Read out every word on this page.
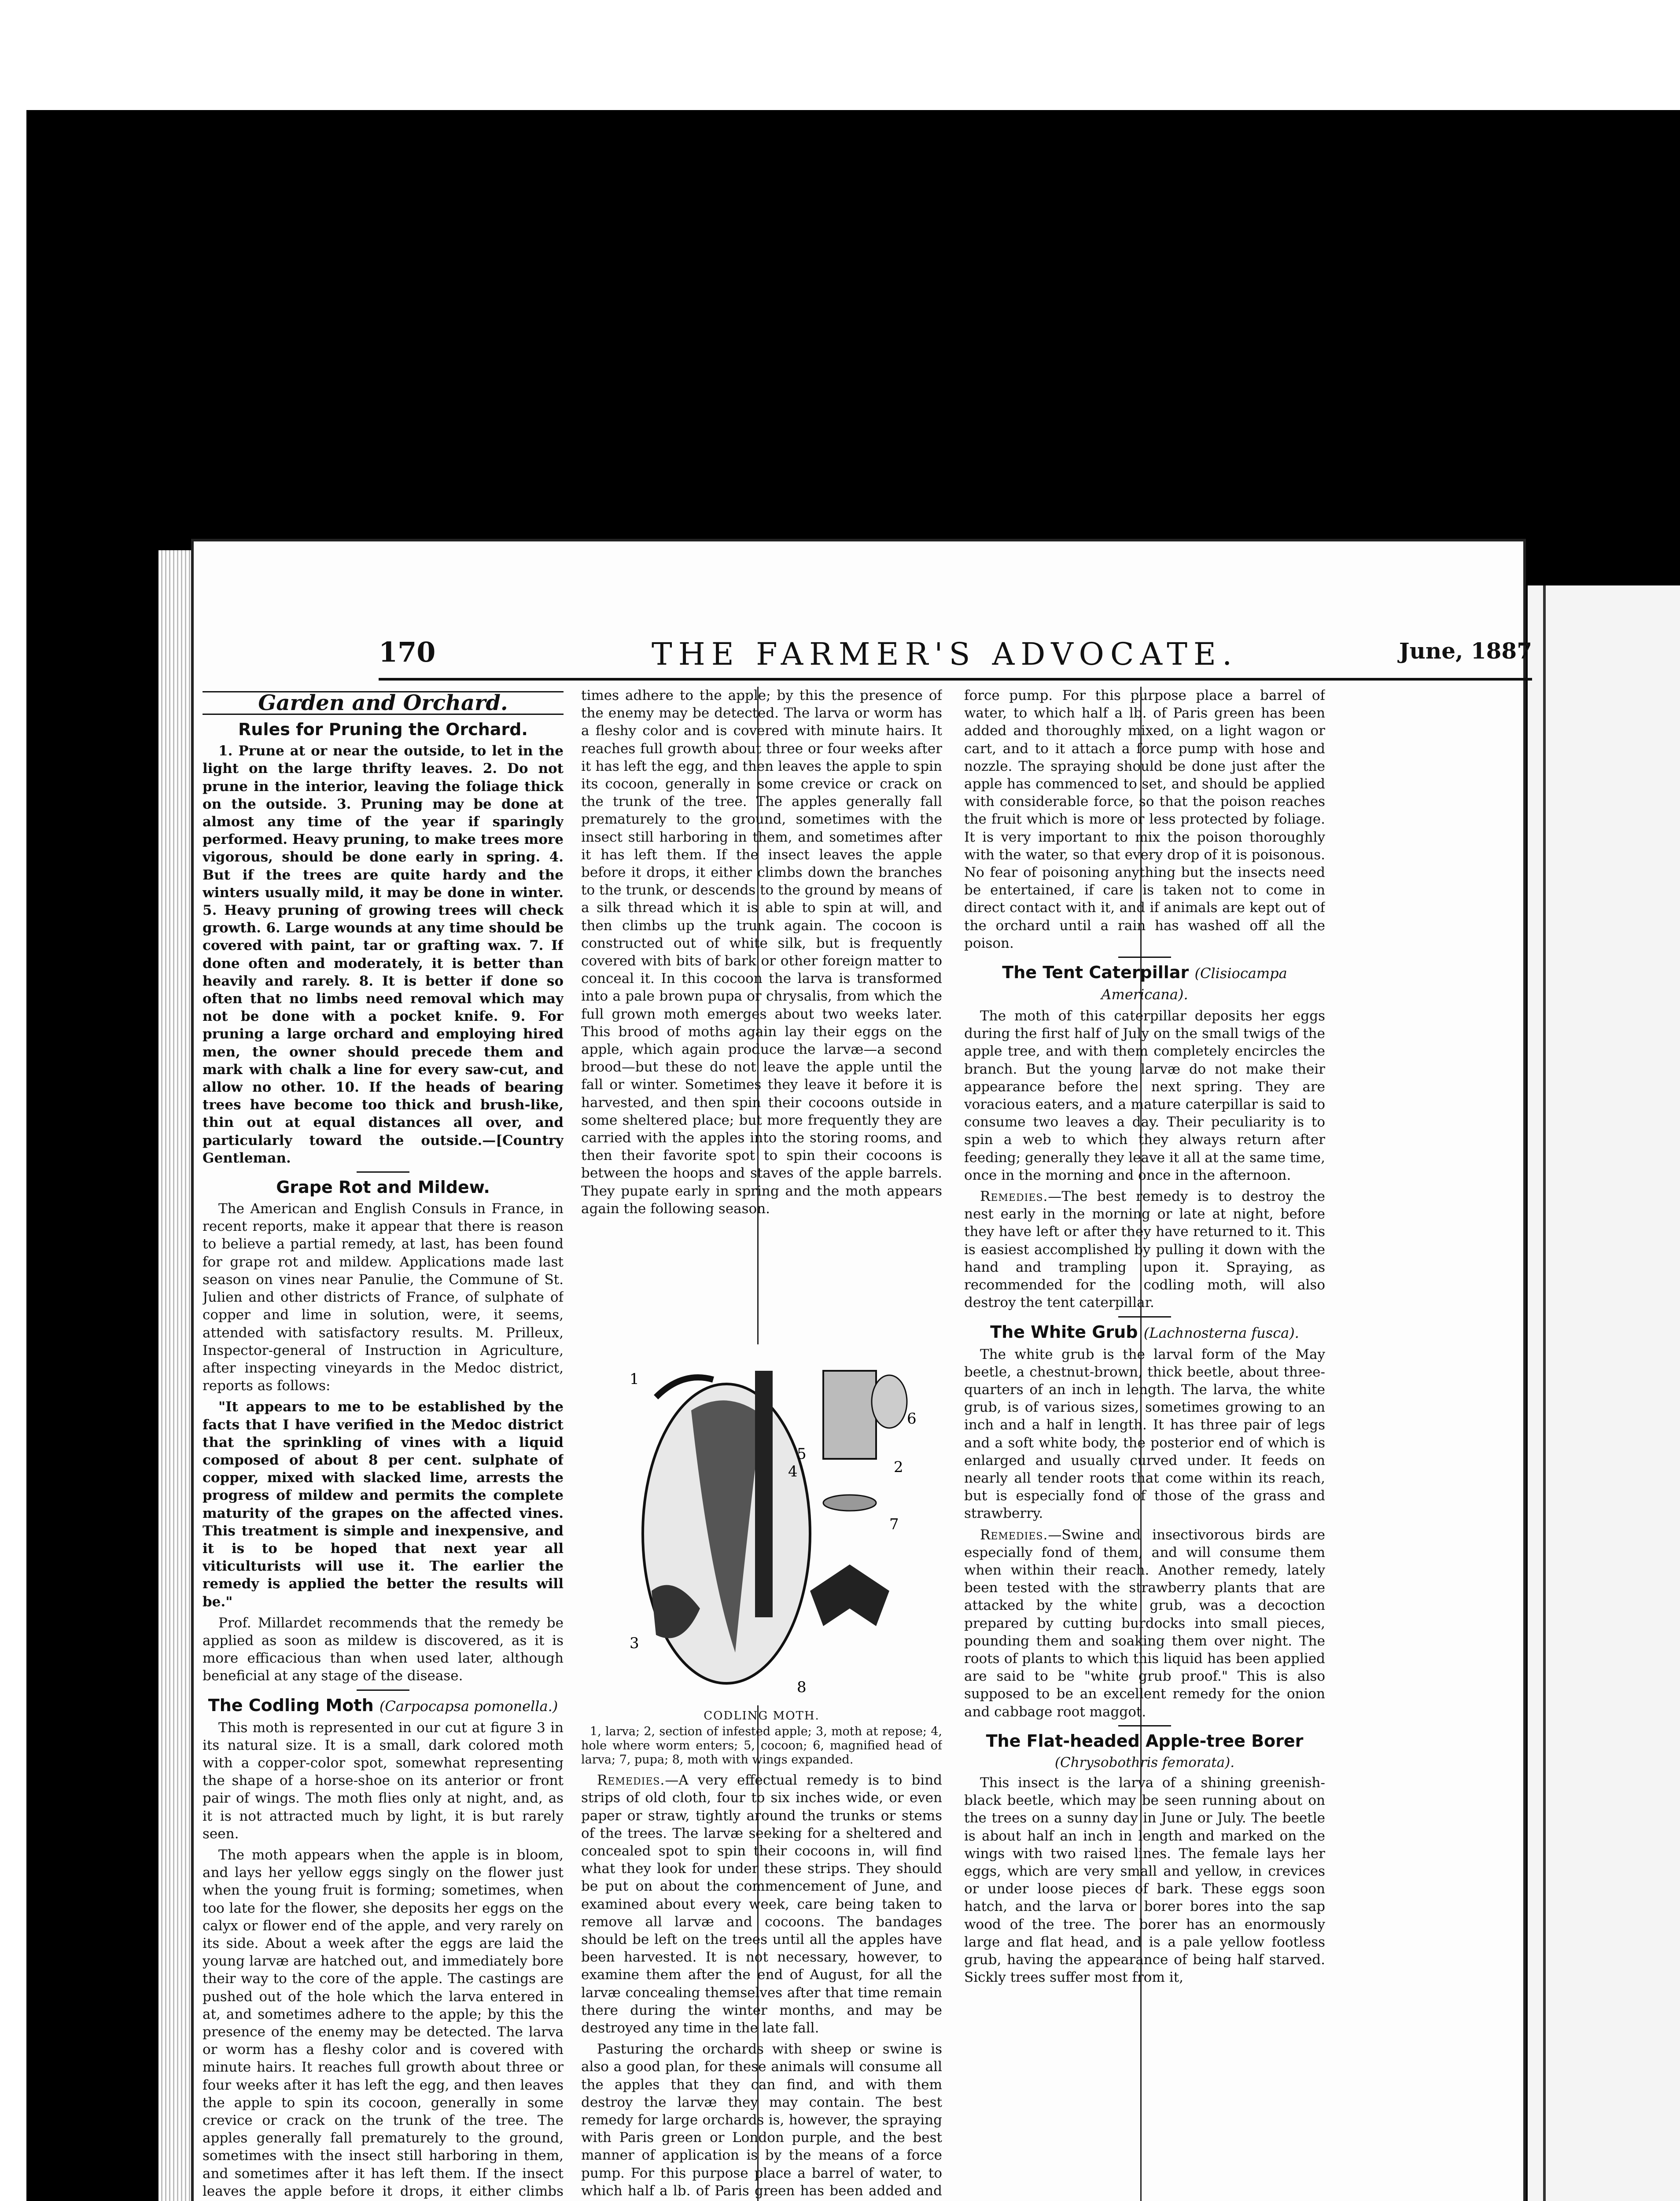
170	THE FARMER'S ADVOCATE.	June, 1887
Garden and Orchard.
Rules for Pruning the Orchard.

1. Prune at or near the outside, to let in the light on the large thrifty leaves. 2. Do not prune in the interior, leaving the foliage thick on the outside. 3. Pruning may be done at almost any time of the year if sparingly performed. Heavy pruning, to make trees more vigorous, should be done early in spring. 4. But if the trees are quite hardy and the winters usually mild, it may be done in winter. 5. Heavy pruning of growing trees will check growth. 6. Large wounds at any time should be covered with paint, tar or grafting wax. 7. If done often and moderately, it is better than heavily and rarely. 8. It is better if done so often that no limbs need removal which may not be done with a pocket knife. 9. For pruning a large orchard and employing hired men, the owner should precede them and mark with chalk a line for every saw-cut, and allow no other. 10. If the heads of bearing trees have become too thick and brush-like, thin out at equal distances all over, and particularly toward the outside.—[Country Gentleman.

Grape Rot and Mildew.

The American and English Consuls in France, in recent reports, make it appear that there is reason to believe a partial remedy, at last, has been found for grape rot and mildew. Applications made last season on vines near Panulie, the Commune of St. Julien and other districts of France, of sulphate of copper and lime in solution, were, it seems, attended with satisfactory results. M. Prilleux, Inspector-general of Instruction in Agriculture, after inspecting vineyards in the Medoc district, reports as follows:

"It appears to me to be established by the facts that I have verified in the Medoc district that the sprinkling of vines with a liquid composed of about 8 per cent. sulphate of copper, mixed with slacked lime, arrests the progress of mildew and permits the complete maturity of the grapes on the affected vines. This treatment is simple and inexpensive, and it is to be hoped that next year all viticulturists will use it. The earlier the remedy is applied the better the results will be."

Prof. Millardet recommends that the remedy be applied as soon as mildew is discovered, as it is more efficacious than when used later, although beneficial at any stage of the disease.

The Codling Moth (Carpocapsa pomonella.)

This moth is represented in our cut at figure 3 in its natural size. It is a small, dark colored moth with a copper-color spot, somewhat representing the shape of a horse-shoe on its anterior or front pair of wings. The moth flies only at night, and, as it is not attracted much by light, it is but rarely seen.

The moth appears when the apple is in bloom, and lays her yellow eggs singly on the flower just when the young fruit is forming; sometimes, when too late for the flower, she deposits her eggs on the calyx or flower end of the apple, and very rarely on its side. About a week after the eggs are laid the young larvæ are hatched out, and immediately bore their way to the core of the apple. The castings are pushed out of the hole which the larva entered in at, and sometimes adhere to the apple; by this the presence of the enemy may be detected. The larva or worm has a fleshy color and is covered with minute hairs. It reaches full growth about three or four weeks after it has left the egg, and then leaves the apple to spin its cocoon, generally in some crevice or crack on the trunk of the tree. The apples generally fall prematurely to the ground, sometimes with the insect still harboring in them, and sometimes after it has left them. If the insect leaves the apple before it drops, it either climbs

times adhere to the apple; by this the presence of the enemy may be detected. The larva or worm has a fleshy color and is covered with minute hairs. It reaches full growth about three or four weeks after it has left the egg, and then leaves the apple to spin its cocoon, generally in some crevice or crack on the trunk of the tree. The apples generally fall prematurely to the ground, sometimes with the insect still harboring in them, and sometimes after it has left them. If the insect leaves the apple before it drops, it either climbs down the branches to the trunk, or descends to the ground by means of a silk thread which it is able to spin at will, and then climbs up the trunk again. The cocoon is constructed out of white silk, but is frequently covered with bits of bark or other foreign matter to conceal it. In this cocoon the larva is transformed into a pale brown pupa or chrysalis, from which the full grown moth emerges about two weeks later. This brood of moths again lay their eggs on the apple, which again produce the larvæ—a second brood—but these do not leave the apple until the fall or winter. Sometimes they leave it before it is harvested, and then spin their cocoons outside in some sheltered place; but more frequently they are carried with the apples into the storing rooms, and then their favorite spot to spin their cocoons is between the hoops and staves of the apple barrels. They pupate early in spring and the moth appears again the following season.

1
2
3
4
5
6
7
8
CODLING MOTH.
1, larva; 2, section of infested apple; 3, moth at repose; 4, hole where worm enters; 5, cocoon; 6, magnified head of larva; 7, pupa; 8, moth with wings expanded.

Remedies.—A very effectual remedy is to bind strips of old cloth, four to six inches wide, or even paper or straw, tightly around the trunks or stems of the trees. The larvæ seeking for a sheltered and concealed spot to spin their cocoons in, will find what they look for under these strips. They should be put on about the commencement of June, and examined about every week, care being taken to remove all larvæ and cocoons. The bandages should be left on the trees until all the apples have been harvested. It is not necessary, however, to examine them after the end of August, for all the larvæ concealing themselves after that time remain there during the winter months, and may be destroyed any time in the late fall.

Pasturing the orchards with sheep or swine is also a good plan, for these animals will consume all the apples that they can find, and with them destroy the larvæ they may contain. The best remedy for large orchards is, however, the spraying with Paris green or London purple, and the best manner of application is by the means of a force pump. For this purpose place a barrel of water, to which half a lb. of Paris green has been added and

force pump. For this purpose place a barrel of water, to which half a lb. of Paris green has been added and thoroughly mixed, on a light wagon or cart, and to it attach a force pump with hose and nozzle. The spraying should be done just after the apple has commenced to set, and should be applied with considerable force, so that the poison reaches the fruit which is more or less protected by foliage. It is very important to mix the poison thoroughly with the water, so that every drop of it is poisonous. No fear of poisoning anything but the insects need be entertained, if care is taken not to come in direct contact with it, and if animals are kept out of the orchard until a rain has washed off all the poison.

The Tent Caterpillar (Clisiocampa Americana).

The moth of this caterpillar deposits her eggs during the first half of July on the small twigs of the apple tree, and with them completely encircles the branch. But the young larvæ do not make their appearance before the next spring. They are voracious eaters, and a mature caterpillar is said to consume two leaves a day. Their peculiarity is to spin a web to which they always return after feeding; generally they leave it all at the same time, once in the morning and once in the afternoon.

Remedies.—The best remedy is to destroy the nest early in the morning or late at night, before they have left or after they have returned to it. This is easiest accomplished by pulling it down with the hand and trampling upon it. Spraying, as recommended for the codling moth, will also destroy the tent caterpillar.

The White Grub (Lachnosterna fusca).

The white grub is the larval form of the May beetle, a chestnut-brown, thick beetle, about three-quarters of an inch in length. The larva, the white grub, is of various sizes, sometimes growing to an inch and a half in length. It has three pair of legs and a soft white body, the posterior end of which is enlarged and usually curved under. It feeds on nearly all tender roots that come within its reach, but is especially fond of those of the grass and strawberry.

Remedies.—Swine and insectivorous birds are especially fond of them, and will consume them when within their reach. Another remedy, lately been tested with the strawberry plants that are attacked by the white grub, was a decoction prepared by cutting burdocks into small pieces, pounding them and soaking them over night. The roots of plants to which this liquid has been applied are said to be "white grub proof." This is also supposed to be an excellent remedy for the onion and cabbage root maggot.

The Flat-headed Apple-tree Borer
(Chrysobothris femorata).

This insect is the larva of a shining greenish-black beetle, which may be seen running about on the trees on a sunny day in June or July. The beetle is about half an inch in length and marked on the wings with two raised lines. The female lays her eggs, which are very small and yellow, in crevices or under loose pieces of bark. These eggs soon hatch, and the larva or borer bores into the sap wood of the tree. The borer has an enormously large and flat head, and is a pale yellow footless grub, having the appearance of being half starved. Sickly trees suffer most from it,
